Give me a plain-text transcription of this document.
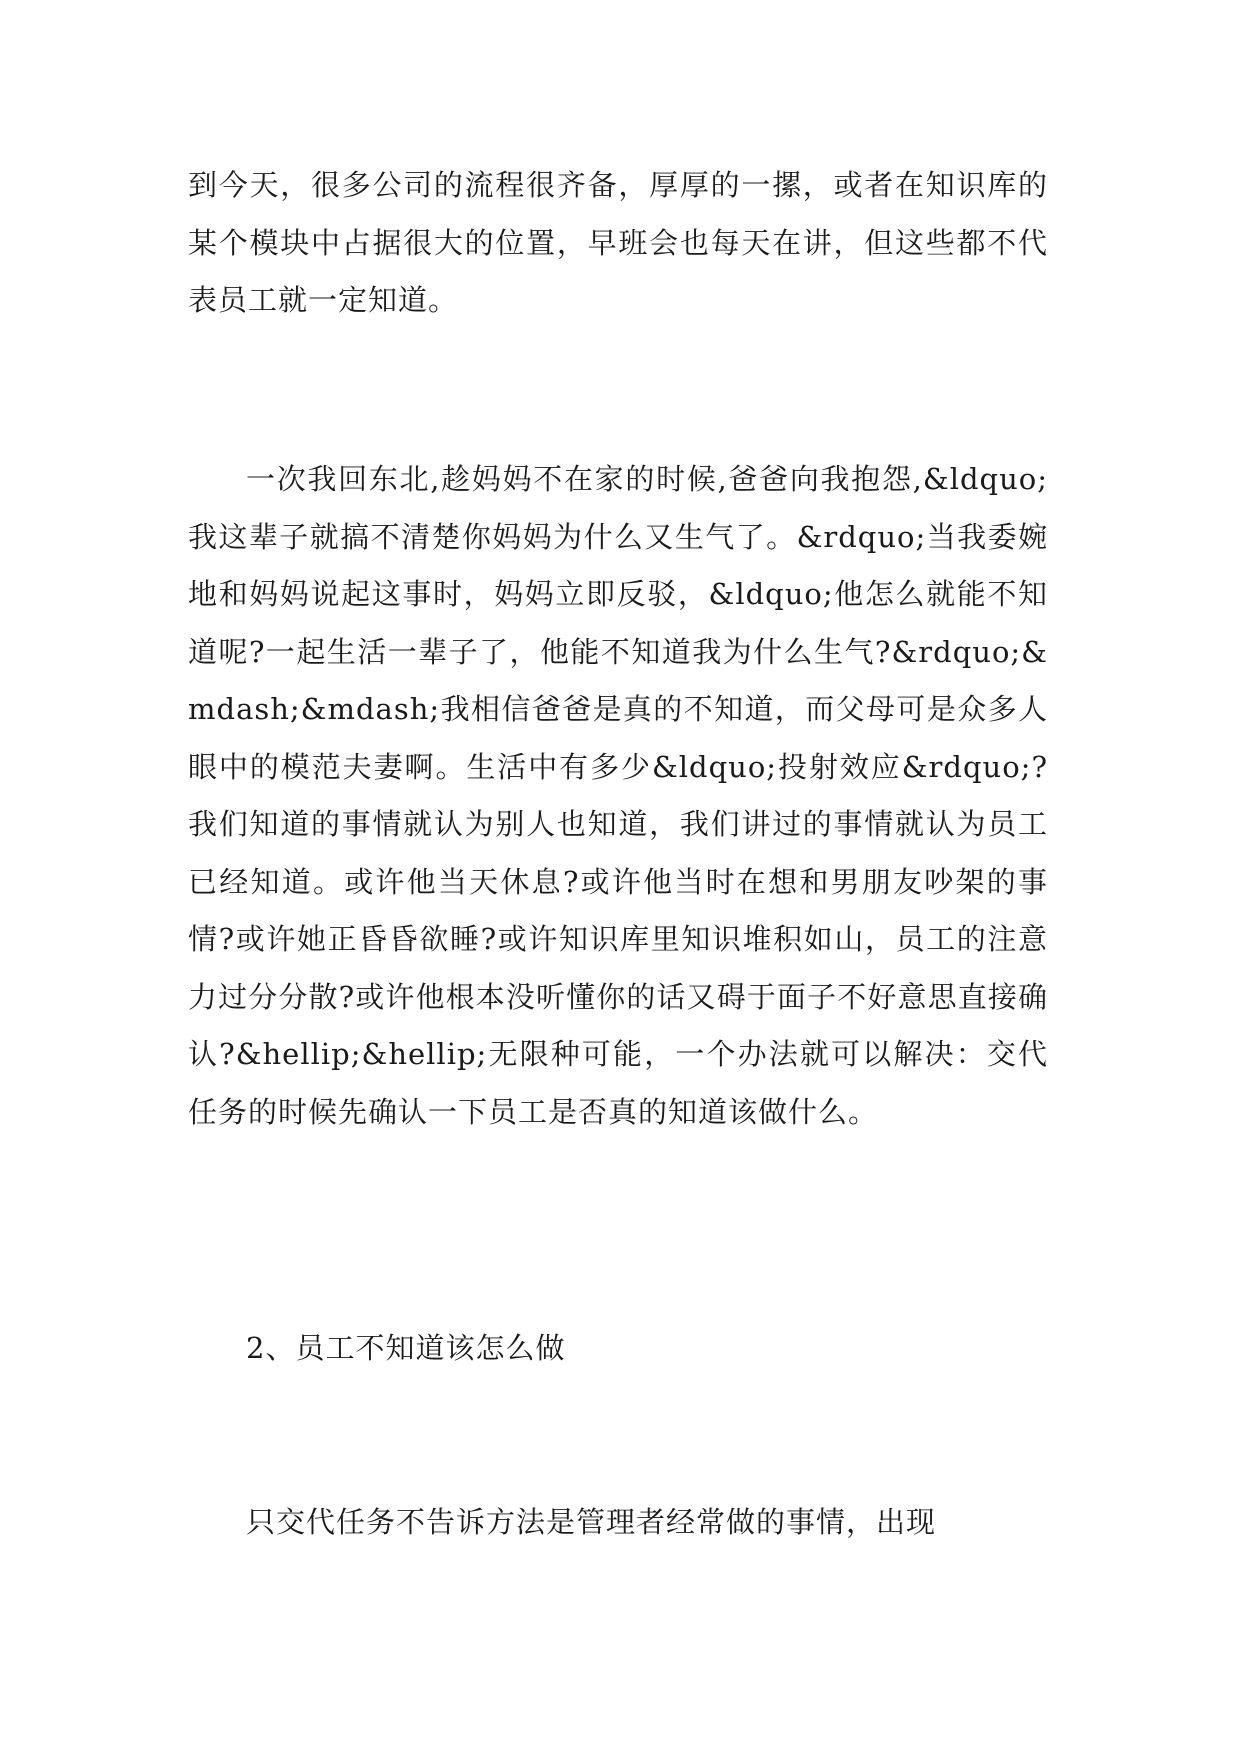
到今天，很多公司的流程很齐备，厚厚的一摞，或者在知识库的某个模块中占据很大的位置，早班会也每天在讲，但这些都不代表员工就一定知道。

一次我回东北,趁妈妈不在家的时候,爸爸向我抱怨,&ldquo;我这辈子就搞不清楚你妈妈为什么又生气了。&rdquo;当我委婉地和妈妈说起这事时，妈妈立即反驳，&ldquo;他怎么就能不知道呢?一起生活一辈子了，他能不知道我为什么生气?&rdquo;&mdash;&mdash;我相信爸爸是真的不知道，而父母可是众多人眼中的模范夫妻啊。生活中有多少&ldquo;投射效应&rdquo;?我们知道的事情就认为别人也知道，我们讲过的事情就认为员工已经知道。或许他当天休息?或许他当时在想和男朋友吵架的事情?或许她正昏昏欲睡?或许知识库里知识堆积如山，员工的注意力过分分散?或许他根本没听懂你的话又碍于面子不好意思直接确认?&hellip;&hellip;无限种可能，一个办法就可以解决：交代任务的时候先确认一下员工是否真的知道该做什么。

2、员工不知道该怎么做

只交代任务不告诉方法是管理者经常做的事情，出现
